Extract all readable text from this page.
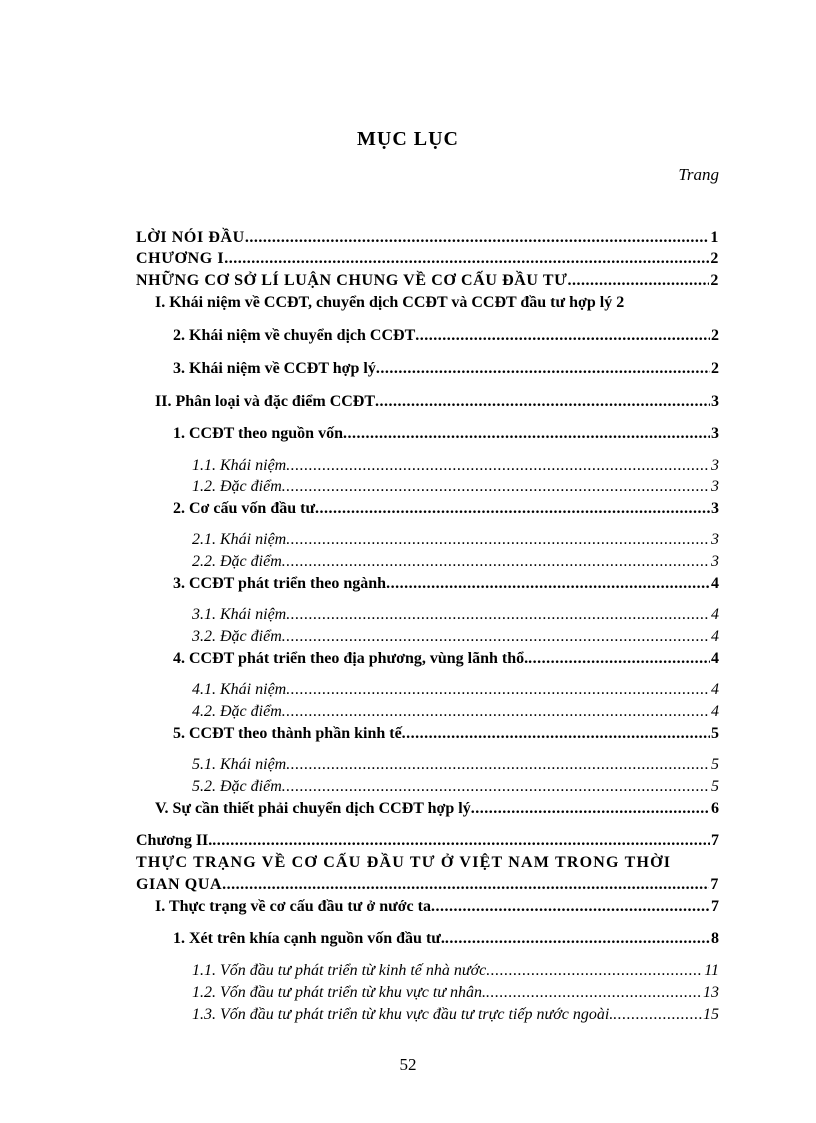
MỤC LỤC
Trang
LỜI NÓI ĐẦU .....	1
CHƯƠNG I .....	2
NHỮNG CƠ SỞ LÍ LUẬN CHUNG VỀ CƠ CẤU ĐẦU TƯ .....	2
I. Khái niệm về CCĐT, chuyển dịch CCĐT và CCĐT đầu tư hợp lý 2
2. Khái niệm về chuyển dịch CCĐT .....	2
3. Khái niệm về CCĐT hợp lý .....	2
II. Phân loại và đặc điểm CCĐT .....	3
1. CCĐT theo nguồn vốn .....	3
1.1. Khái niệm .....	3
1.2. Đặc điểm .....	3
2. Cơ cấu vốn đầu tư .....	3
2.1. Khái niệm .....	3
2.2. Đặc điểm .....	3
3. CCĐT phát triển theo ngành .....	4
3.1. Khái niệm .....	4
3.2. Đặc điểm .....	4
4. CCĐT phát triển theo địa phương, vùng lãnh thổ. .....	4
4.1. Khái niệm .....	4
4.2. Đặc điểm .....	4
5. CCĐT theo thành phần kinh tế .....	5
5.1. Khái niệm .....	5
5.2. Đặc điểm .....	5
V. Sự cần thiết phải chuyển dịch CCĐT hợp lý .....	6
Chương II. .....	7
THỰC TRẠNG VỀ CƠ CẤU ĐẦU TƯ Ở VIỆT NAM TRONG THỜI
GIAN QUA .....	7
I. Thực trạng về cơ cấu đầu tư ở nước ta .....	7
1. Xét trên khía cạnh nguồn vốn đầu tư. .....	8
1.1. Vốn đầu tư phát triển từ kinh tế nhà nước .....	11
1.2. Vốn đầu tư phát triển từ khu vực tư nhân. .....	13
1.3. Vốn đầu tư phát triển từ khu vực đầu tư trực tiếp nước ngoài. .....	15
52
